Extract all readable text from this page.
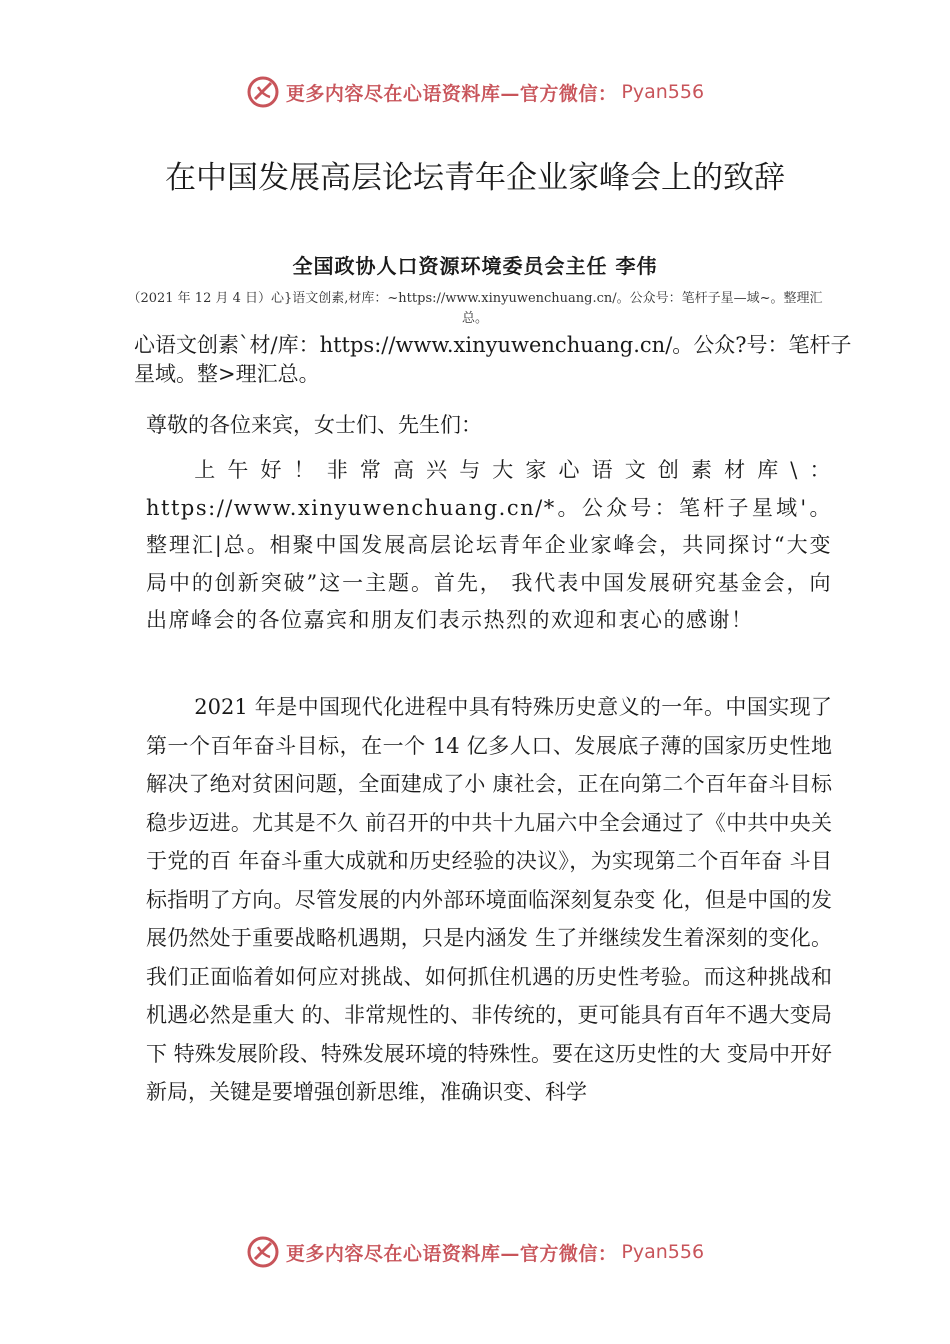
更多内容尽在心语资料库—官方微信： Pyan556
在中国发展高层论坛青年企业家峰会上的致辞
全国政协人口资源环境委员会主任 李伟
（2021 年 12 月 4 日）心}语文创素,材库：~https://www.xinyuwenchuang.cn/。公众号：笔杆子星—域~。整理汇总。
心语文创素`材/库：https://www.xinyuwenchuang.cn/。公众?号：笔杆子星域。整>理汇总。
尊敬的各位来宾，女士们、先生们：
上午好！非常高兴与大家心语文创素材库\：https://www.xinyuwenchuang.cn/*。公众号：笔杆子星域'。整理汇|总。相聚中国发展高层论坛青年企业家峰会，共同探讨“大变局中的创新突破”这一主题。首先， 我代表中国发展研究基金会，向出席峰会的各位嘉宾和朋友们表示热烈的欢迎和衷心的感谢！
2021 年是中国现代化进程中具有特殊历史意义的一年。中国实现了第一个百年奋斗目标，在一个 14 亿多人口、发展底子薄的国家历史性地解决了绝对贫困问题，全面建成了小 康社会，正在向第二个百年奋斗目标稳步迈进。尤其是不久 前召开的中共十九届六中全会通过了《中共中央关于党的百 年奋斗重大成就和历史经验的决议》，为实现第二个百年奋 斗目标指明了方向。尽管发展的内外部环境面临深刻复杂变 化，但是中国的发展仍然处于重要战略机遇期，只是内涵发 生了并继续发生着深刻的变化。我们正面临着如何应对挑战、如何抓住机遇的历史性考验。而这种挑战和机遇必然是重大 的、非常规性的、非传统的，更可能具有百年不遇大变局下 特殊发展阶段、特殊发展环境的特殊性。要在这历史性的大 变局中开好新局，关键是要增强创新思维，准确识变、科学
更多内容尽在心语资料库—官方微信： Pyan556
